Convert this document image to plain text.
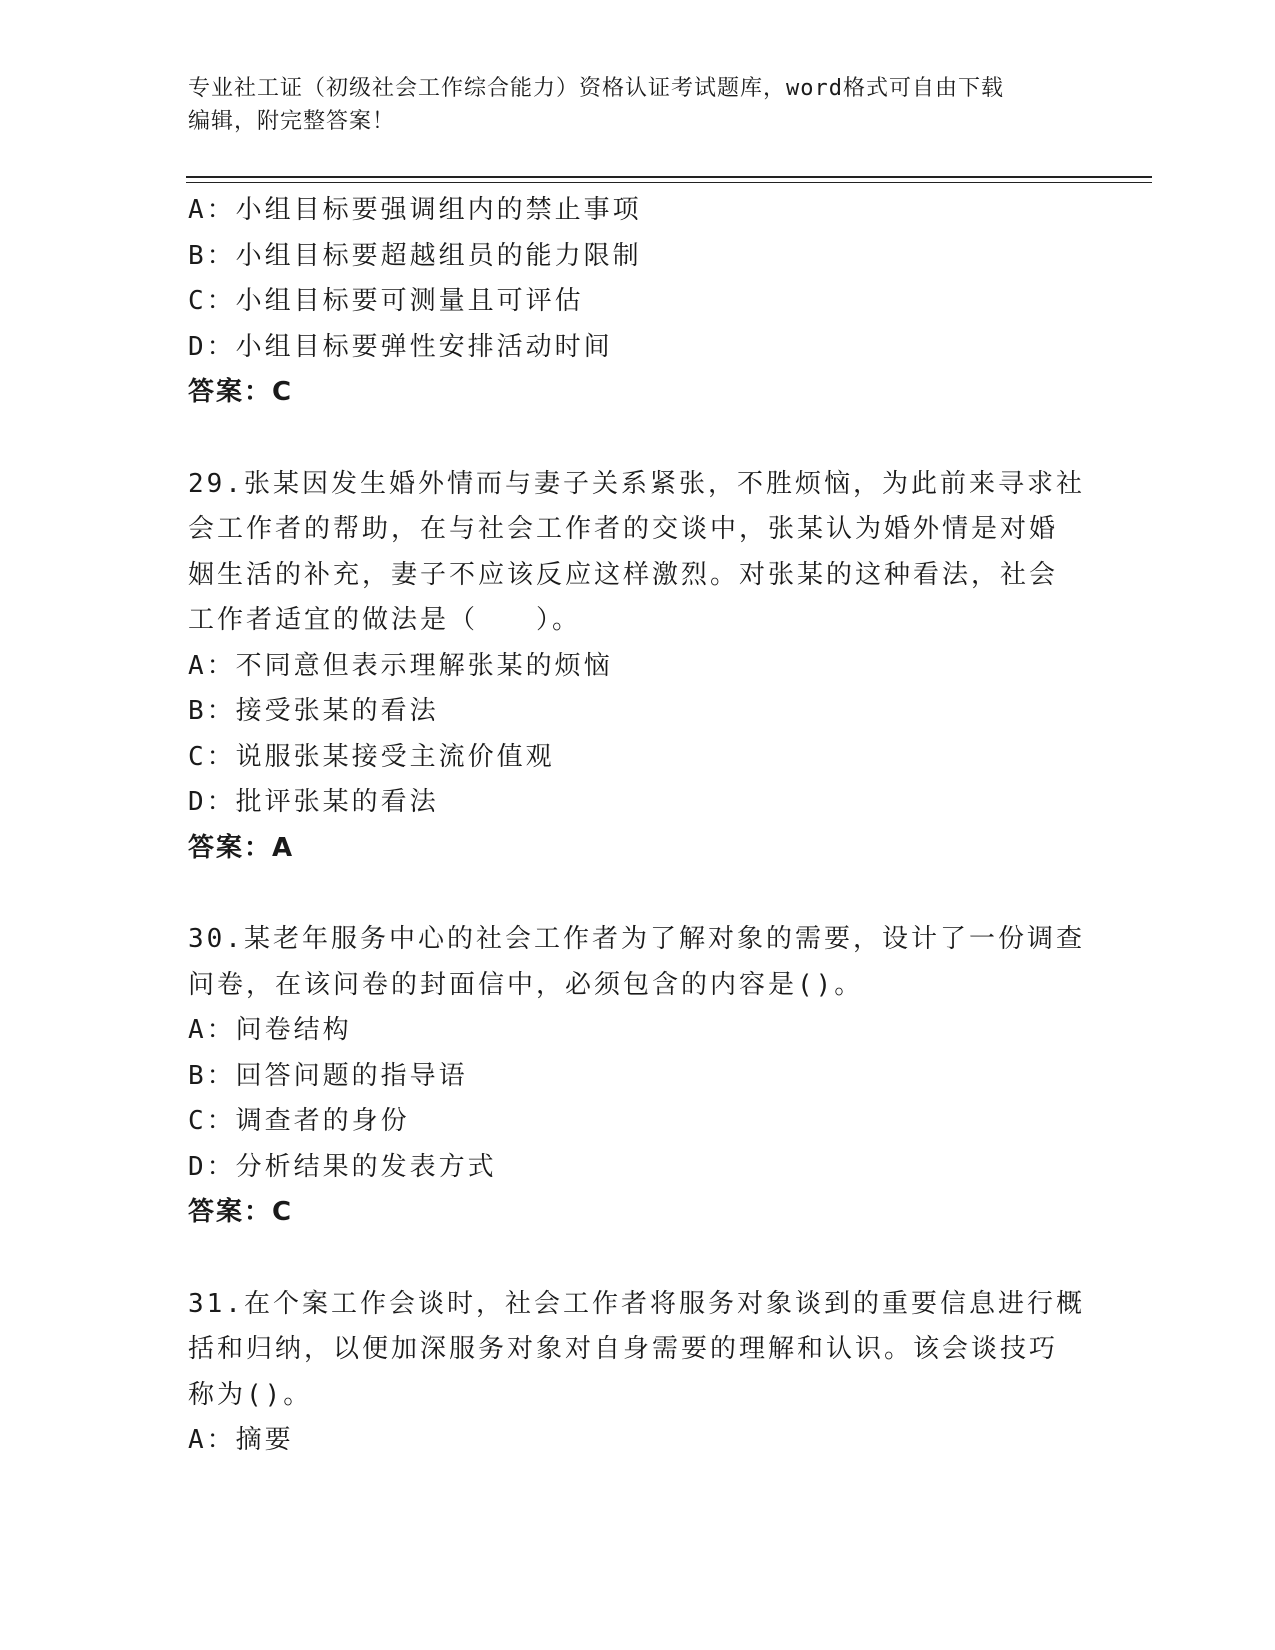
专业社工证（初级社会工作综合能力）资格认证考试题库，word格式可自由下载
编辑，附完整答案！
A：小组目标要强调组内的禁止事项
B：小组目标要超越组员的能力限制
C：小组目标要可测量且可评估
D：小组目标要弹性安排活动时间
答案：C
29.张某因发生婚外情而与妻子关系紧张，不胜烦恼，为此前来寻求社
会工作者的帮助，在与社会工作者的交谈中，张某认为婚外情是对婚
姻生活的补充，妻子不应该反应这样激烈。对张某的这种看法，社会
工作者适宜的做法是（　　）。
A：不同意但表示理解张某的烦恼
B：接受张某的看法
C：说服张某接受主流价值观
D：批评张某的看法
答案：A
30.某老年服务中心的社会工作者为了解对象的需要，设计了一份调查
问卷，在该问卷的封面信中，必须包含的内容是()。
A：问卷结构
B：回答问题的指导语
C：调查者的身份
D：分析结果的发表方式
答案：C
31.在个案工作会谈时，社会工作者将服务对象谈到的重要信息进行概
括和归纳，以便加深服务对象对自身需要的理解和认识。该会谈技巧
称为()。
A：摘要
